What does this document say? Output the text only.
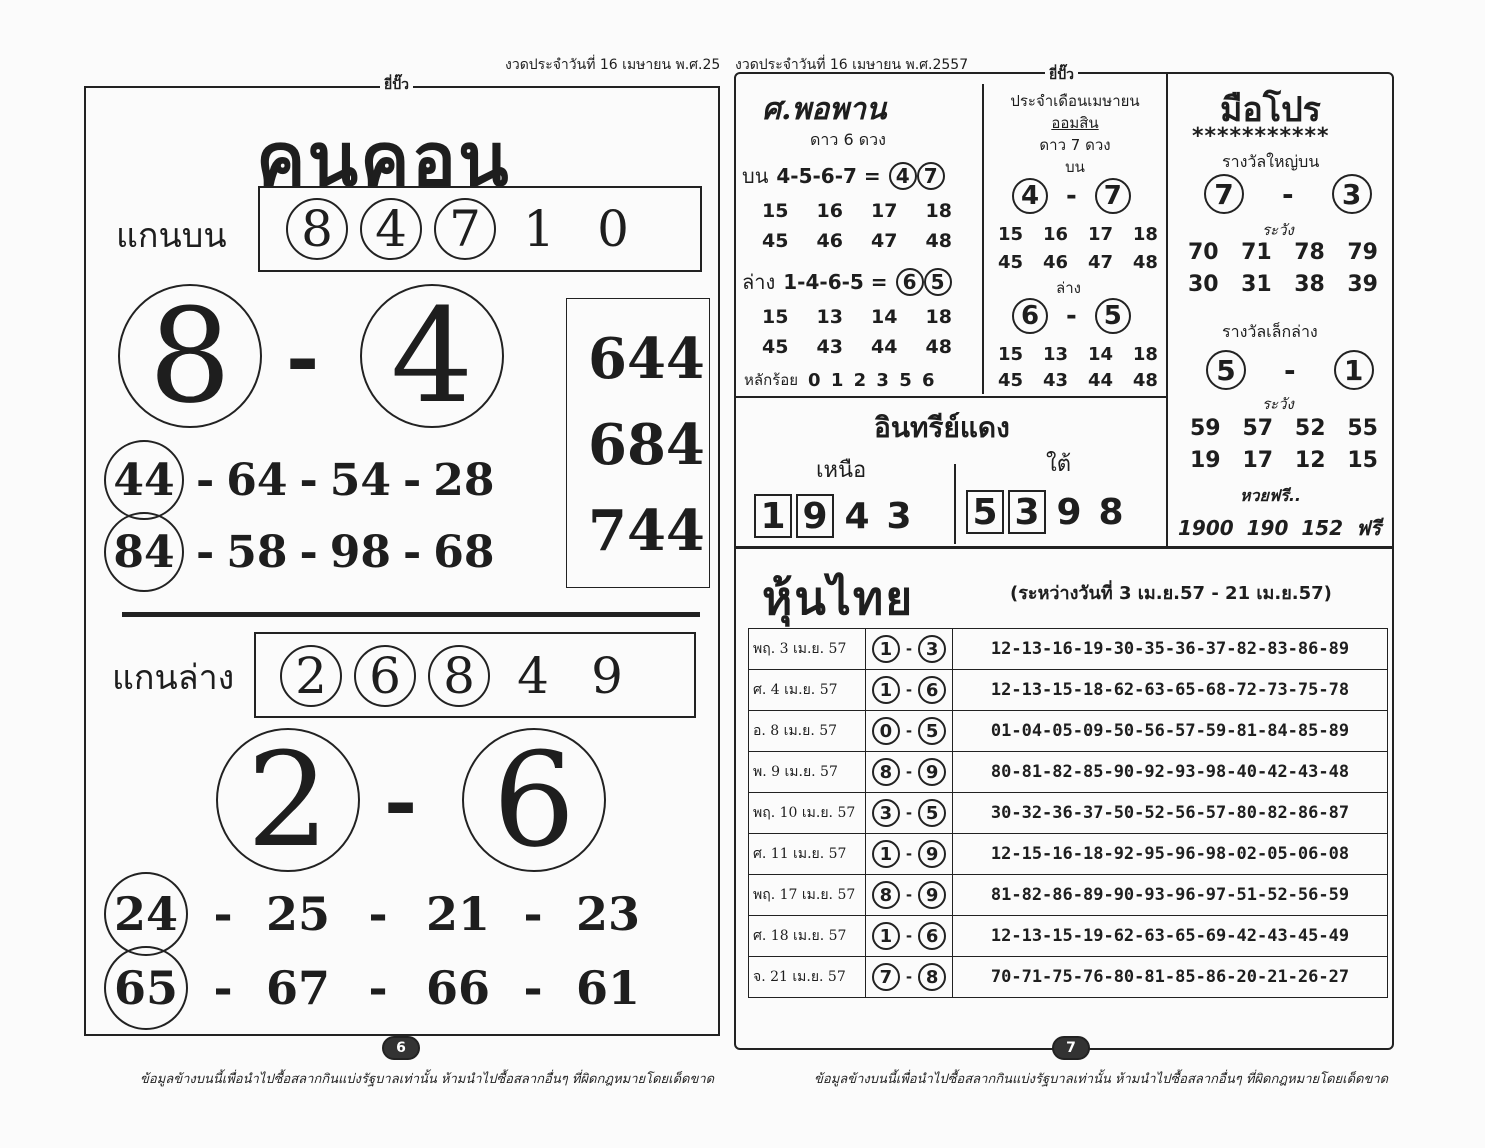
งวดประจำวันที่ 16 เมษายน พ.ศ.25 งวดประจำวันที่ 16 เมษายน พ.ศ.2557
ยี่ปั๊ว
ยี่ปั๊ว
คนคอน
แกนบน	8 4 7 1 0
8 - 4	644
684
744
44 - 64 - 54 - 28
84 - 58 - 98 - 68
แกนล่าง	2 6 8 4 9
2 - 6
24 - 25 - 21 - 23
65 - 67 - 66 - 61
6
ข้อมูลข้างบนนี้เพื่อนำไปซื้อสลากกินแบ่งรัฐบาลเท่านั้น ห้ามนำไปซื้อสลากอื่นๆ ที่ผิดกฎหมายโดยเด็ดขาด
ศ.พอพาน
ดาว 6 ดวง
บน 4-5-6-7 = 4 7
15 16 17 18
45 46 47 48
ล่าง 1-4-6-5 = 6 5
15 13 14 18
45 43 44 48
หลักร้อย 0 1 2 3 5 6
ประจำเดือนเมษายน
ออมสิน
ดาว 7 ดวง
บน
4	-	7
15 16 17 18
45 46 47 48
ล่าง
6	-	5
15 13 14 18
45 43 44 48
มือโปร
***********
รางวัลใหญ่บน
7	-	3
ระวัง
70 71 78 79
30 31 38 39
รางวัลเล็กล่าง
5	-	1
ระวัง
59 57 52 55
19 17 12 15
หวยฟรี..
1900 190 152 ฟรี
อินทรีย์แดง
เหนือ	ใต้
1 9 4 3 5 3 9 8
หุ้นไทย	(ระหว่างวันที่ 3 เม.ย.57 - 21 เม.ย.57)
พฤ. 3 เม.ย. 57	1 - 3	12-13-16-19-30-35-36-37-82-83-86-89
ศ. 4 เม.ย. 57	1 - 6	12-13-15-18-62-63-65-68-72-73-75-78
อ. 8 เม.ย. 57	0 - 5	01-04-05-09-50-56-57-59-81-84-85-89
พ. 9 เม.ย. 57	8 - 9	80-81-82-85-90-92-93-98-40-42-43-48
พฤ. 10 เม.ย. 57	3 - 5	30-32-36-37-50-52-56-57-80-82-86-87
ศ. 11 เม.ย. 57	1 - 9	12-15-16-18-92-95-96-98-02-05-06-08
พฤ. 17 เม.ย. 57	8 - 9	81-82-86-89-90-93-96-97-51-52-56-59
ศ. 18 เม.ย. 57	1 - 6	12-13-15-19-62-63-65-69-42-43-45-49
จ. 21 เม.ย. 57	7 - 8	70-71-75-76-80-81-85-86-20-21-26-27
7
ข้อมูลข้างบนนี้เพื่อนำไปซื้อสลากกินแบ่งรัฐบาลเท่านั้น ห้ามนำไปซื้อสลากอื่นๆ ที่ผิดกฎหมายโดยเด็ดขาด
